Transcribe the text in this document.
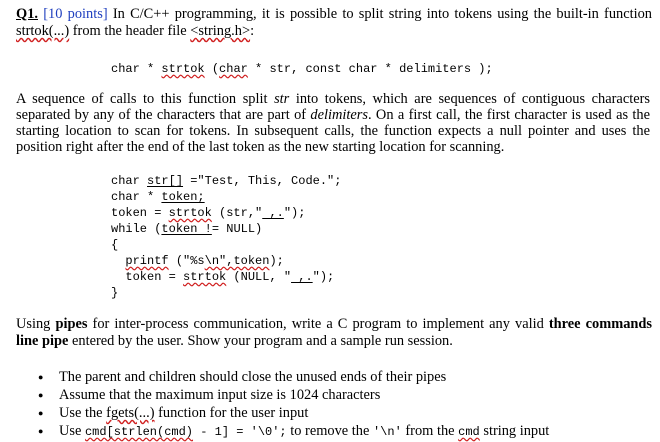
Q1. [10 points] In C/C++ programming, it is possible to split string into tokens using the built-in function strtok(...) from the header file <string.h>:
char * strtok (char * str, const char * delimiters );
A sequence of calls to this function split str into tokens, which are sequences of contiguous characters separated by any of the characters that are part of delimiters. On a first call, the first character is used as the starting location to scan for tokens. In subsequent calls, the function expects a null pointer and uses the position right after the end of the last token as the new starting location for scanning.
char str[] ="Test, This, Code.";
char * token;
token = strtok (str," ,.");
while (token != NULL)
{
printf ("%s\n",token);
token = strtok (NULL, " ,.");
}
Using pipes for inter-process communication, write a C program to implement any valid three commands line pipe entered by the user. Show your program and a sample run session.
● The parent and children should close the unused ends of their pipes
● Assume that the maximum input size is 1024 characters
● Use the fgets(...) function for the user input
● Use cmd[strlen(cmd) - 1] = '\0'; to remove the '\n' from the cmd string input
